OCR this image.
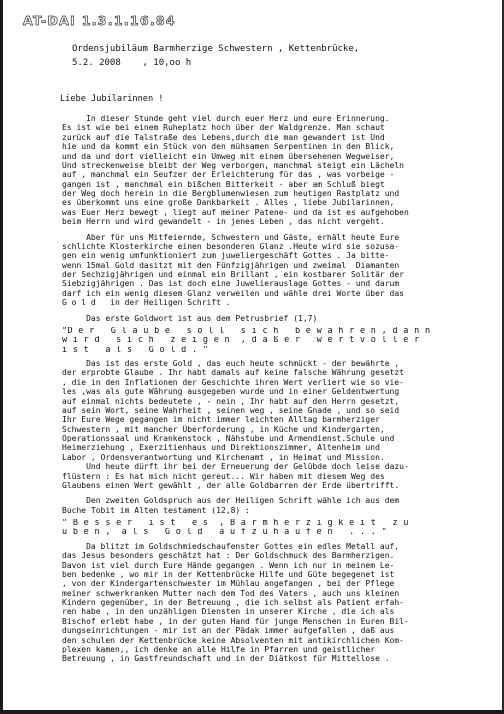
AT-DAI 1.3.1.16.84
Ordensjubiläum Barmherzige Schwestern , Kettenbrücke,
5.2. 2008    , 10,oo h
Liebe Jubilarinnen !
In dieser Stunde geht viel durch euer Herz und eure Erinnerung.
Es ist wie bei einem Ruheplatz hoch über der Waldgrenze. Man schaut
zurück auf die Talstraße des Lebens,durch die man gewandert ist Und
hie und da kommt ein Stück von den mühsamen Serpentinen in den Blick,
und da und dort vielleicht ein Umweg mit einem übersehenen Wegweiser,
Und streckenweise bleibt der Weg verborgen, manchmal steigt ein Lächeln
auf , manchmal ein Seufzer der Erleichterung für das , was vorbeige -
gangen ist , manchmal ein bißchen Bitterkeit - aber am Schluß biegt
der Weg doch herein in die Bergblumenwiesen zum heutigen Rastplatz und
es überkommt uns eine große Dankbarkeit . Alles , liebe Jubilarinnen,
was Euer Herz bewegt , liegt auf meiner Patene- und da ist es aufgehoben
beim Herrn und wird gewandelt - in jenes Leben , das nicht vergeht.
Aber für uns Mitfeiernde, Schwestern und Gäste, erhält heute Eure
schlichte Klosterkirche einen besonderen Glanz .Heute wird sie sozusa-
gen ein wenig umfunktioniert zum juweliergeschäft Gottes . Ja bitte-
wenn 15mal Gold dasitzt mit den Fünfzigjährigen und zweimal  Diamanten
der Sechzigjährigen und einmal ein Brillant , ein kostbarer Solitär der
Siebzigjährigen . Das ist doch eine Juwelierauslage Gottes - und darum
darf ich ein wenig diesem Glanz verweilen und wähle drei Worte über das
G o l d   in der Heiligen Schrift .
Das erste Goldwort ist aus dem Petrusbrief (1,7)
"D e r   G l a u b e   s o l l   s i c h   b e w ä h r e n , d a n n
w i r d   s i c h   z e i g e n  , d a ß e r   w e r t v o l l e r
i s t   a l s   G o l d . "
Das ist das erste Gold , das euch heute schmückt - der bewährte ,
der erprobte Glaube . Ihr habt damals auf keine falsche Währung gesetzt
, die in den Inflationen der Geschichte ihren Wert verliert wie so vie-
les ,was als gute Währung ausgegeben wurde und in einer Geldentwertung
auf einmal nichts bedeutete , - nein , Ihr habt auf den Herrn gesetzt,
auf sein Wort, seine Wahrheit , seinen weg , seine Gnade , und so seid
Ihr Eure Wege gegangen im nicht immer leichten Alltag barmherziger
Schwestern , mit mancher Überforderung , in Küche und Kindergarten,
Operationssaal und Krankenstock , Nähstube und Armendienst.Schule und
Heimerziehung , Exerzitienhaus und Direktionszimmer, Altenheim und
Labor , Ordensverantwortung und Kirchenamt , in Heimat und Mission.
Und heute dürft ihr bei der Erneuerung der Gelübde doch leise dazu-
flüstern : Es hat mich nicht gereut... Wir haben mit diesem Weg des
Glaubens einen Wert gewählt , der alle Goldbarren der Erde übertrifft.
Den zweiten Goldspruch aus der Heiligen Schrift wähle ich aus dem
Buche Tobit im Alten testament (12,8) :
" B e s s e r   i s t   e s  , B a r m h e r z i g k e i t   z u
ü b e n ,  a l s   G o l d   a u f z u h ä u f e n   . . . "
Da blitzt im Goldschmiedschaufenster Gottes ein edles Metall auf,
das Jesus besonders geschätzt hat : Der Goldschmuck des Barmherzigen.
Davon ist viel durch Eure Hände gegangen . Wenn ich nur in meinem Le-
ben bedenke , wo mir in der Kettenbrücke Hilfe und Güte begegenet ist
, von der Kindergartenschwester im Mühlau angefangen , bei der Pflege
meiner schwerkranken Mutter nach dem Tod des Vaters , auch uns kleinen
Kindern gegenüber, in der Betreuung , die ich selbst als Patient erfah-
ren habe , in den unzähligen Diensten in unserer Kirche , die ich als
Bischof erlebt habe , in der guten Hand für junge Menschen in Euren Bil-
dungseinrichtungen - mir ist an der Pädak immer aufgefallen , daß aus
den schulen der Kettenbrücke keine Absolventen mit antikirchlichen Kom-
plexen kamen,, ich denke an alle Hilfe in Pfarren und geistlicher
Betreuung , in Gastfreundschaft und in der Diätkost für Mittellose .
